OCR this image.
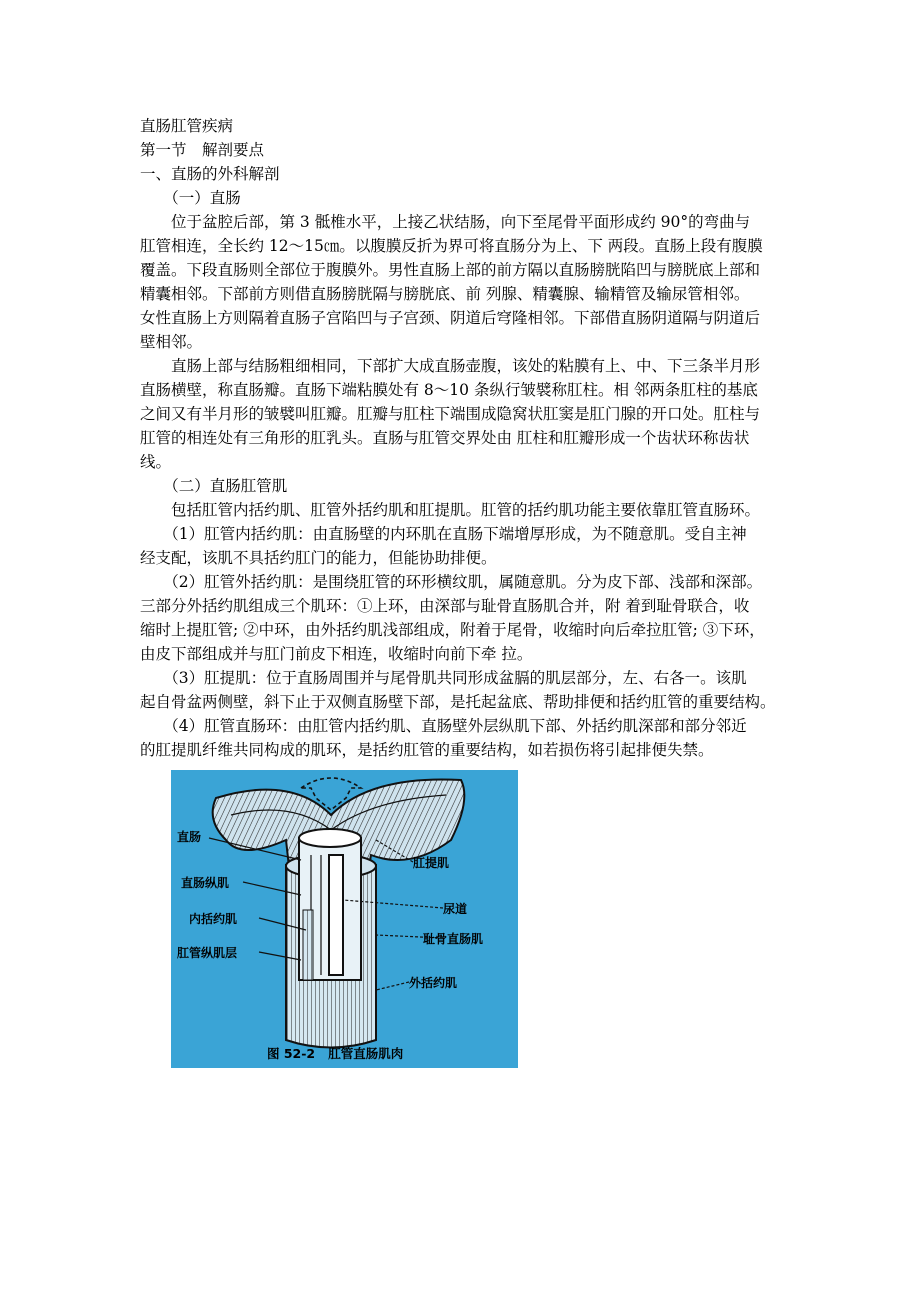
直肠肛管疾病
第一节　解剖要点
一、直肠的外科解剖
　　（一）直肠
　　位于盆腔后部，第 3 骶椎水平，上接乙状结肠，向下至尾骨平面形成约 90°的弯曲与
肛管相连，全长约 12～15㎝。以腹膜反折为界可将直肠分为上、下 两段。直肠上段有腹膜
覆盖。下段直肠则全部位于腹膜外。男性直肠上部的前方隔以直肠膀胱陷凹与膀胱底上部和
精囊相邻。下部前方则借直肠膀胱隔与膀胱底、前 列腺、精囊腺、输精管及输尿管相邻。
女性直肠上方则隔着直肠子宫陷凹与子宫颈、阴道后穹隆相邻。下部借直肠阴道隔与阴道后
壁相邻。
　　直肠上部与结肠粗细相同，下部扩大成直肠壶腹，该处的粘膜有上、中、下三条半月形
直肠横壁，称直肠瓣。直肠下端粘膜处有 8～10 条纵行皱襞称肛柱。相 邻两条肛柱的基底
之间又有半月形的皱襞叫肛瓣。肛瓣与肛柱下端围成隐窝状肛窦是肛门腺的开口处。肛柱与
肛管的相连处有三角形的肛乳头。直肠与肛管交界处由 肛柱和肛瓣形成一个齿状环称齿状
线。
　　（二）直肠肛管肌
　　包括肛管内括约肌、肛管外括约肌和肛提肌。肛管的括约肌功能主要依靠肛管直肠环。
　　（1）肛管内括约肌：由直肠壁的内环肌在直肠下端增厚形成，为不随意肌。受自主神
经支配，该肌不具括约肛门的能力，但能协助排便。
　　（2）肛管外括约肌：是围绕肛管的环形横纹肌，属随意肌。分为皮下部、浅部和深部。
三部分外括约肌组成三个肌环：①上环，由深部与耻骨直肠肌合并，附 着到耻骨联合，收
缩时上提肛管; ②中环，由外括约肌浅部组成，附着于尾骨，收缩时向后牵拉肛管; ③下环，
由皮下部组成并与肛门前皮下相连，收缩时向前下牵 拉。
　　（3）肛提肌：位于直肠周围并与尾骨肌共同形成盆膈的肌层部分，左、右各一。该肌
起自骨盆两侧壁，斜下止于双侧直肠壁下部，是托起盆底、帮助排便和括约肛管的重要结构。
　　（4）肛管直肠环：由肛管内括约肌、直肠壁外层纵肌下部、外括约肌深部和部分邻近
的肛提肌纤维共同构成的肌环，是括约肛管的重要结构，如若损伤将引起排便失禁。
直肠
肛提肌
直肠纵肌
尿道
内括约肌
耻骨直肠肌
肛管纵肌层
外括约肌
图 52-2   肛管直肠肌肉
